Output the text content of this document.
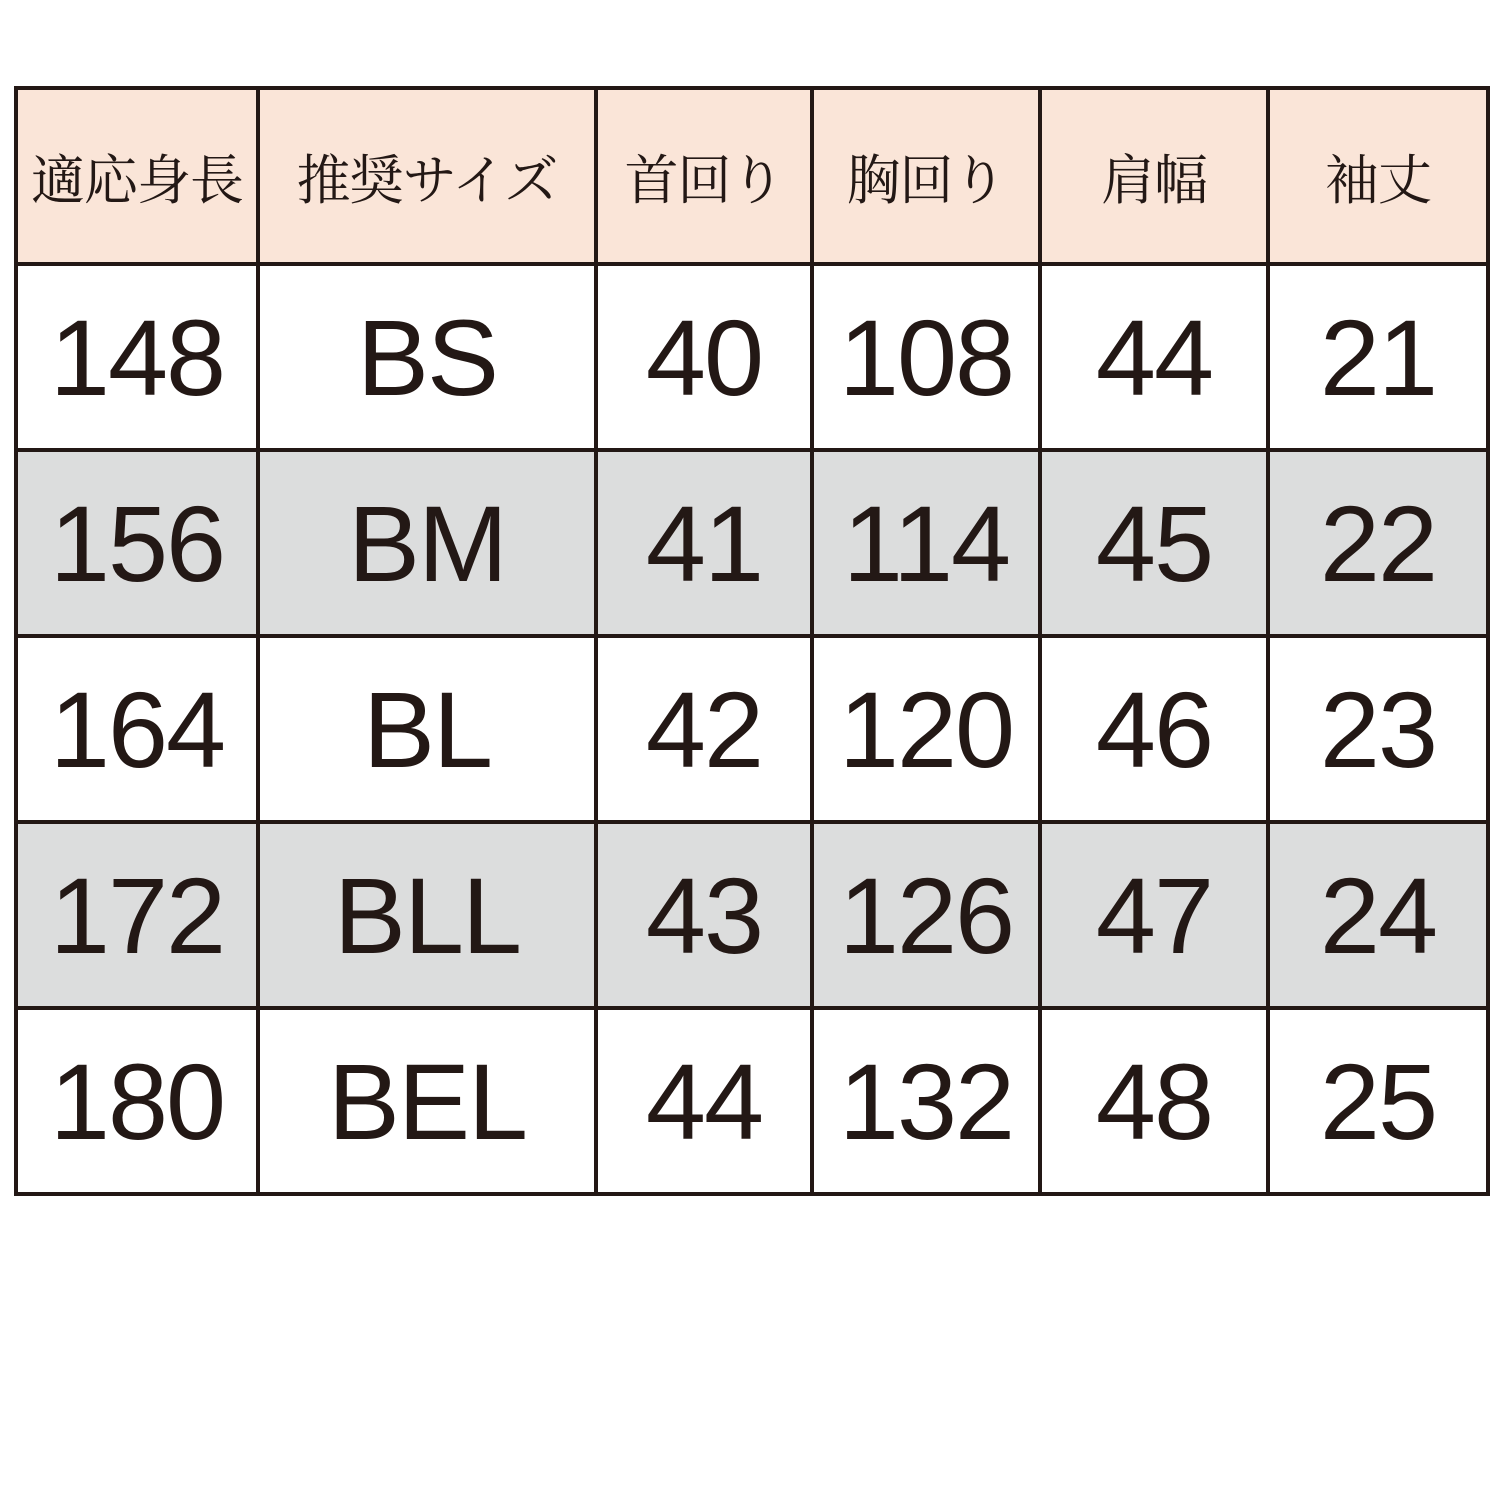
適応身長	推奨サイズ	首回り	胸回り	肩幅	袖丈
148	BS	40	108	44	21
156	BM	41	114	45	22
164	BL	42	120	46	23
172	BLL	43	126	47	24
180	BEL	44	132	48	25
